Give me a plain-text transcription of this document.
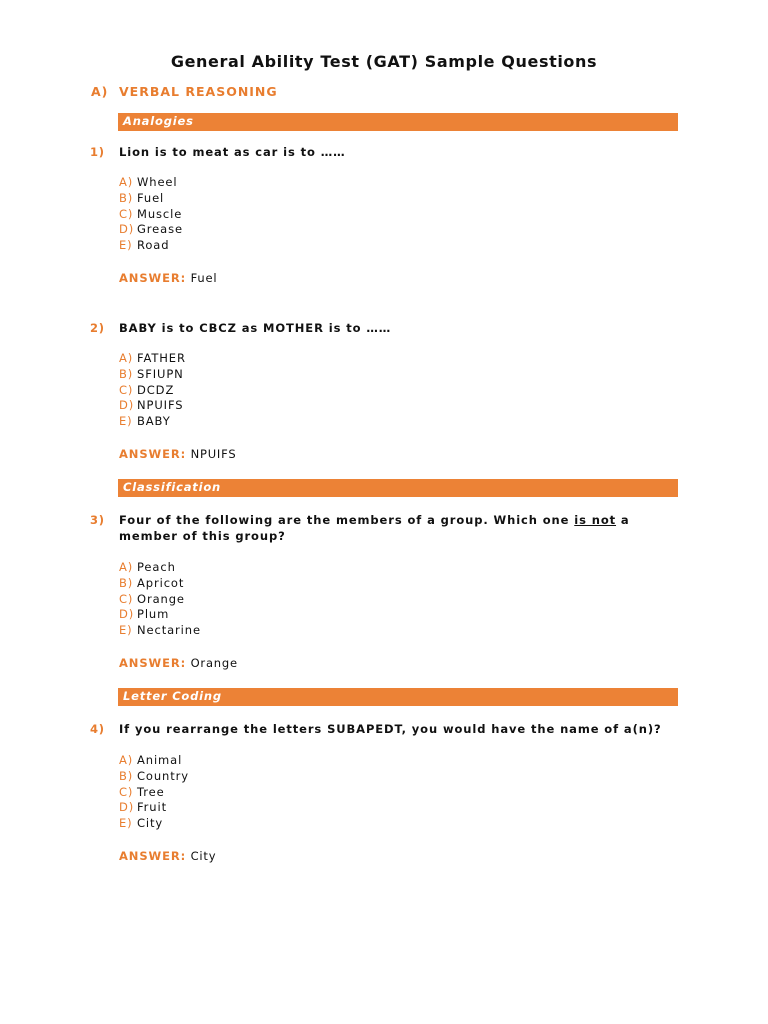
General Ability Test (GAT) Sample Questions
A) VERBAL REASONING
Analogies
1) Lion is to meat as car is to ……
A) Wheel
B) Fuel
C) Muscle
D) Grease
E) Road
ANSWER: Fuel
2) BABY is to CBCZ as MOTHER is to ……
A) FATHER
B) SFIUPN
C) DCDZ
D) NPUIFS
E) BABY
ANSWER: NPUIFS
Classification
3) Four of the following are the members of a group. Which one is not a member of this group?
A) Peach
B) Apricot
C) Orange
D) Plum
E) Nectarine
ANSWER: Orange
Letter Coding
4) If you rearrange the letters SUBAPEDT, you would have the name of a(n)?
A) Animal
B) Country
C) Tree
D) Fruit
E) City
ANSWER: City
